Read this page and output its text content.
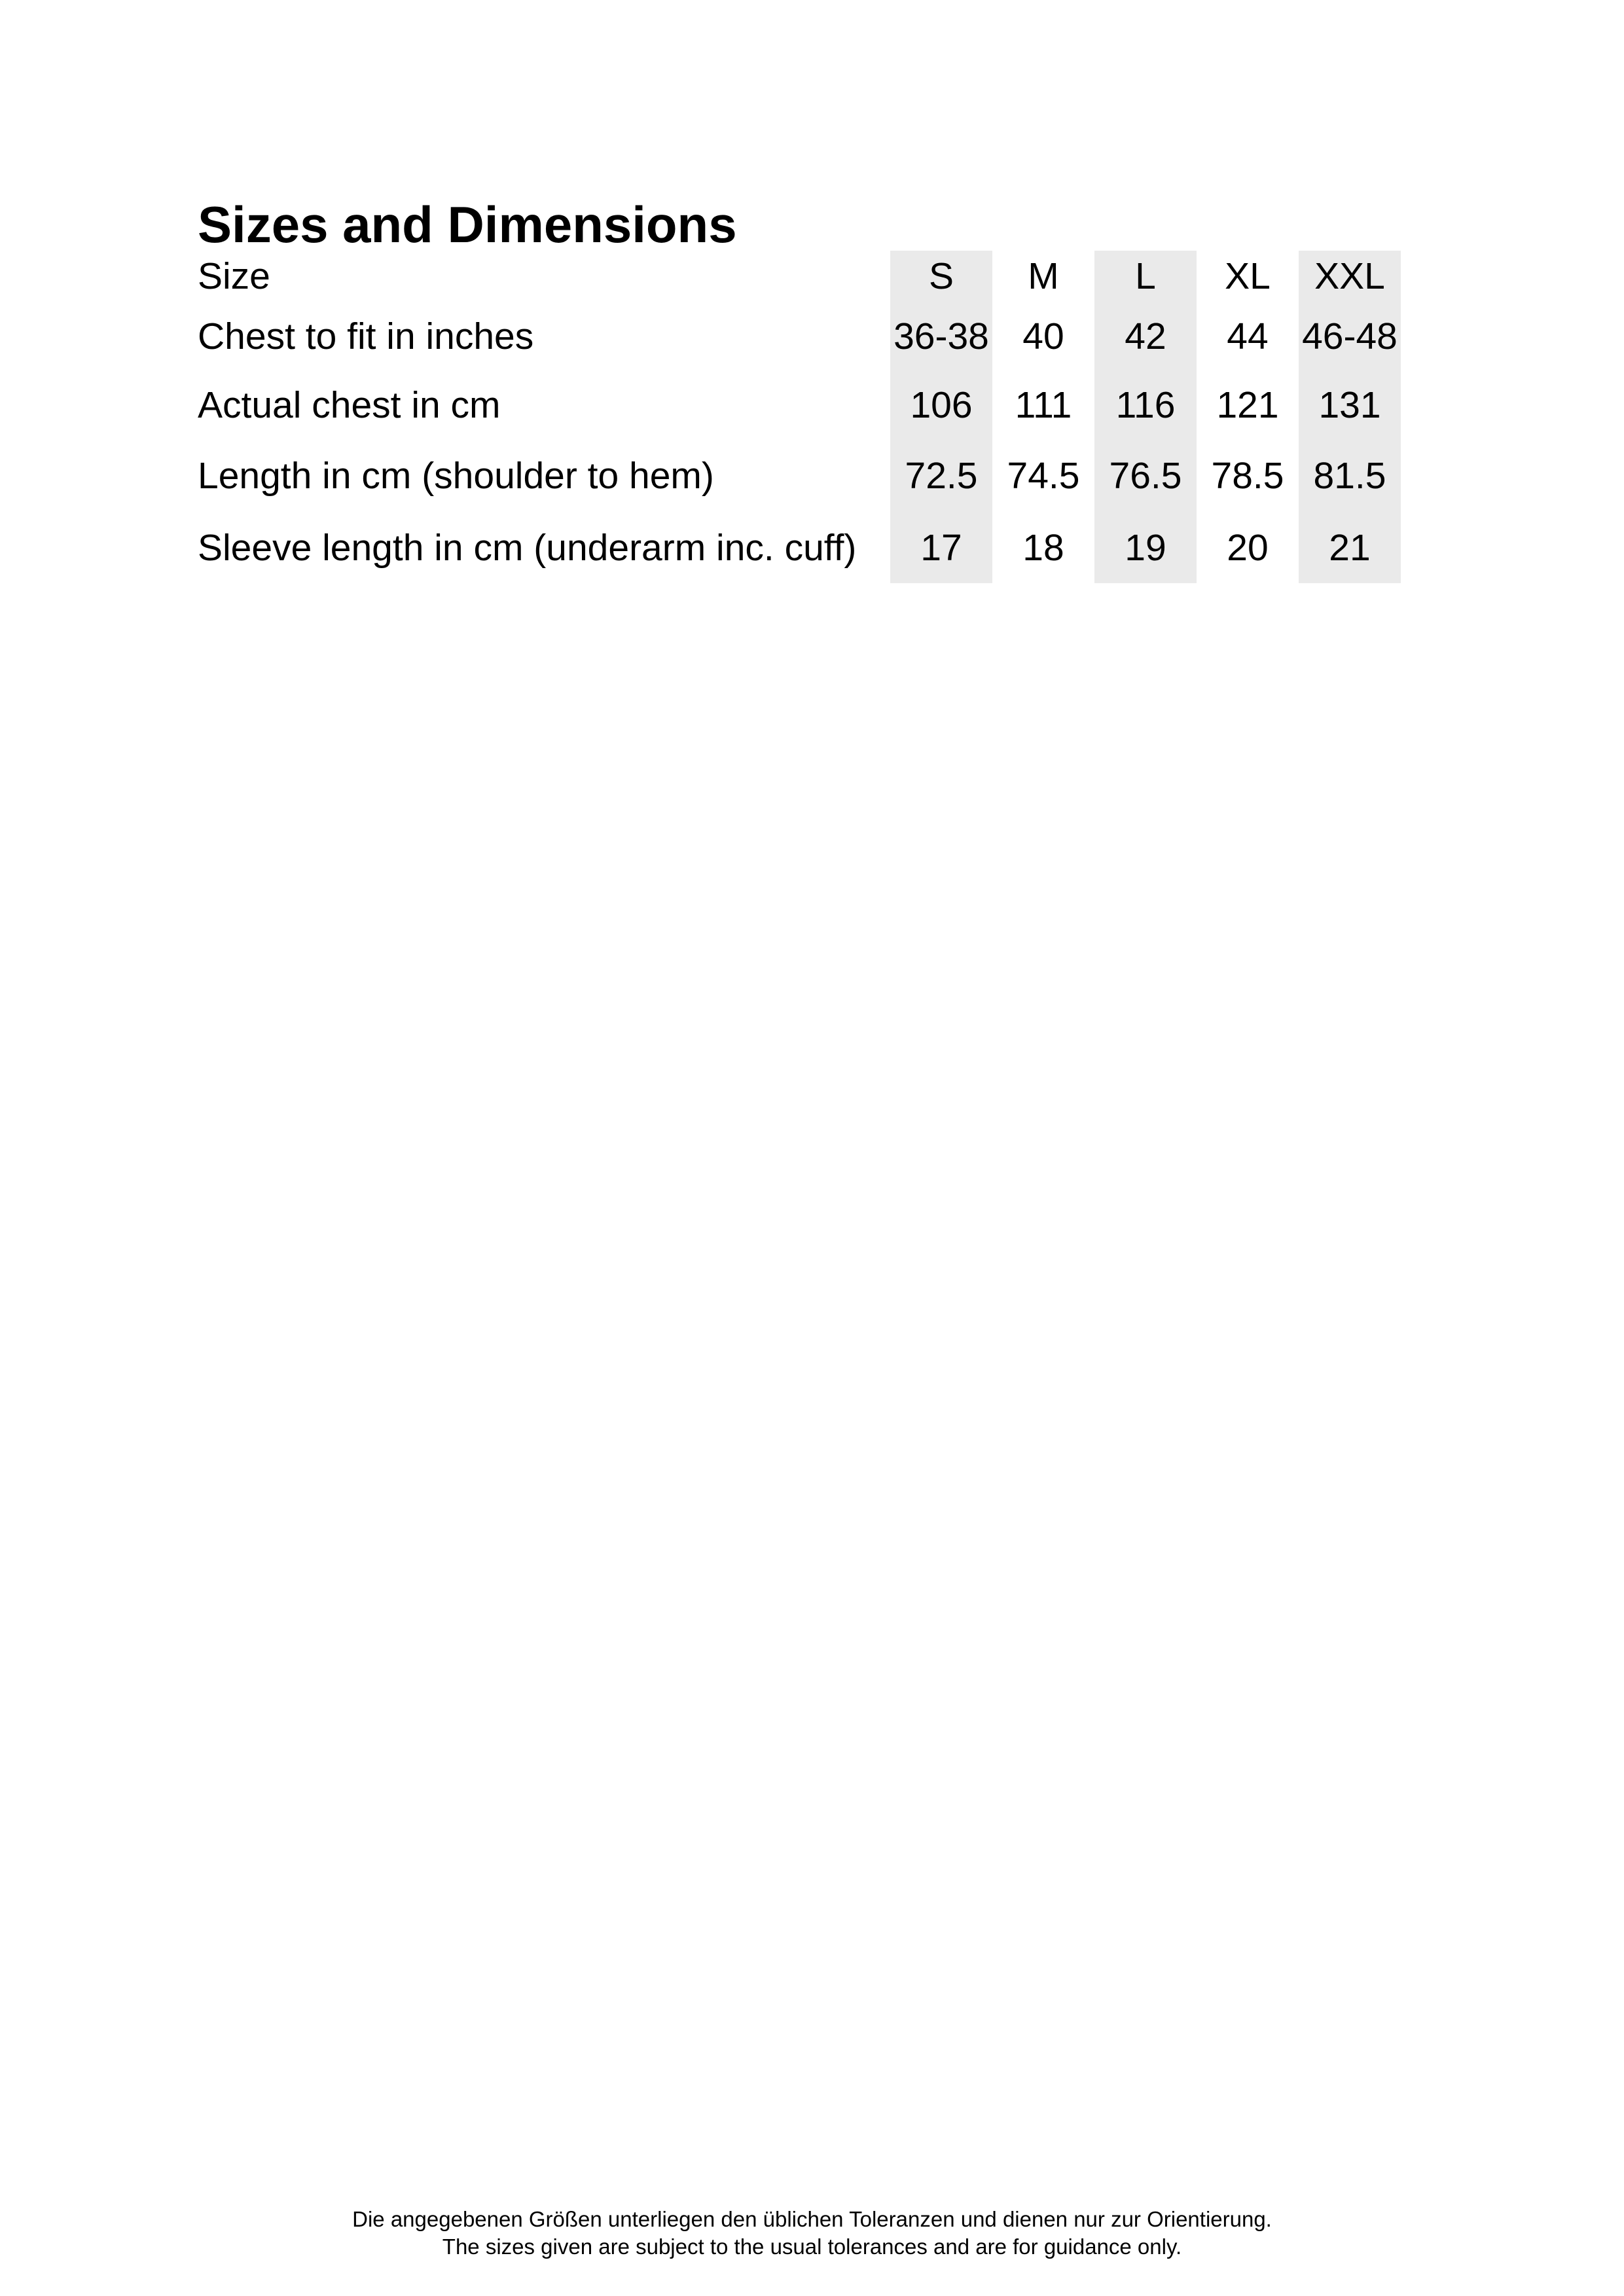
Sizes and Dimensions
Size	S	M	L	XL	XXL
Chest to fit in inches	36-38	40	42	44	46-48
Actual chest in cm	106	111	116	121	131
Length in cm (shoulder to hem)	72.5	74.5	76.5	78.5	81.5
Sleeve length in cm (underarm inc. cuff)	17	18	19	20	21
Die angegebenen Größen unterliegen den üblichen Toleranzen und dienen nur zur Orientierung.
The sizes given are subject to the usual tolerances and are for guidance only.
